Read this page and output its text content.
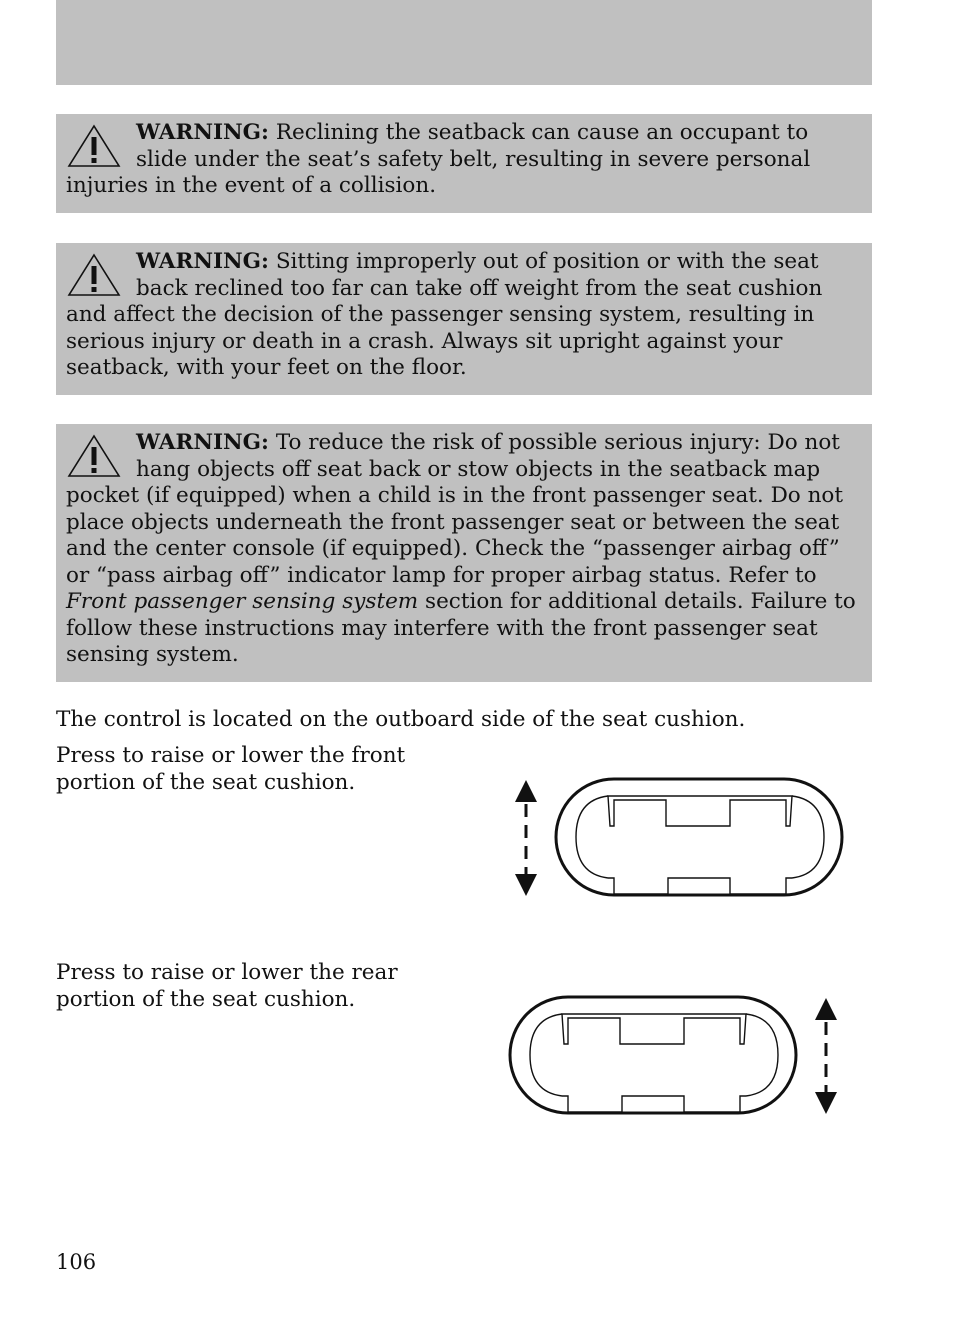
WARNING: Reclining the seatback can cause an occupant to slide under the seat’s safety belt, resulting in severe personal injuries in the event of a collision.
WARNING: Sitting improperly out of position or with the seat back reclined too far can take off weight from the seat cushion and affect the decision of the passenger sensing system, resulting in serious injury or death in a crash. Always sit upright against your seatback, with your feet on the floor.
WARNING: To reduce the risk of possible serious injury: Do not hang objects off seat back or stow objects in the seatback map pocket (if equipped) when a child is in the front passenger seat. Do not place objects underneath the front passenger seat or between the seat and the center console (if equipped). Check the “passenger airbag off” or “pass airbag off” indicator lamp for proper airbag status. Refer to Front passenger sensing system section for additional details. Failure to follow these instructions may interfere with the front passenger seat sensing system.
The control is located on the outboard side of the seat cushion.
Press to raise or lower the front portion of the seat cushion.
Press to raise or lower the rear portion of the seat cushion.
106
